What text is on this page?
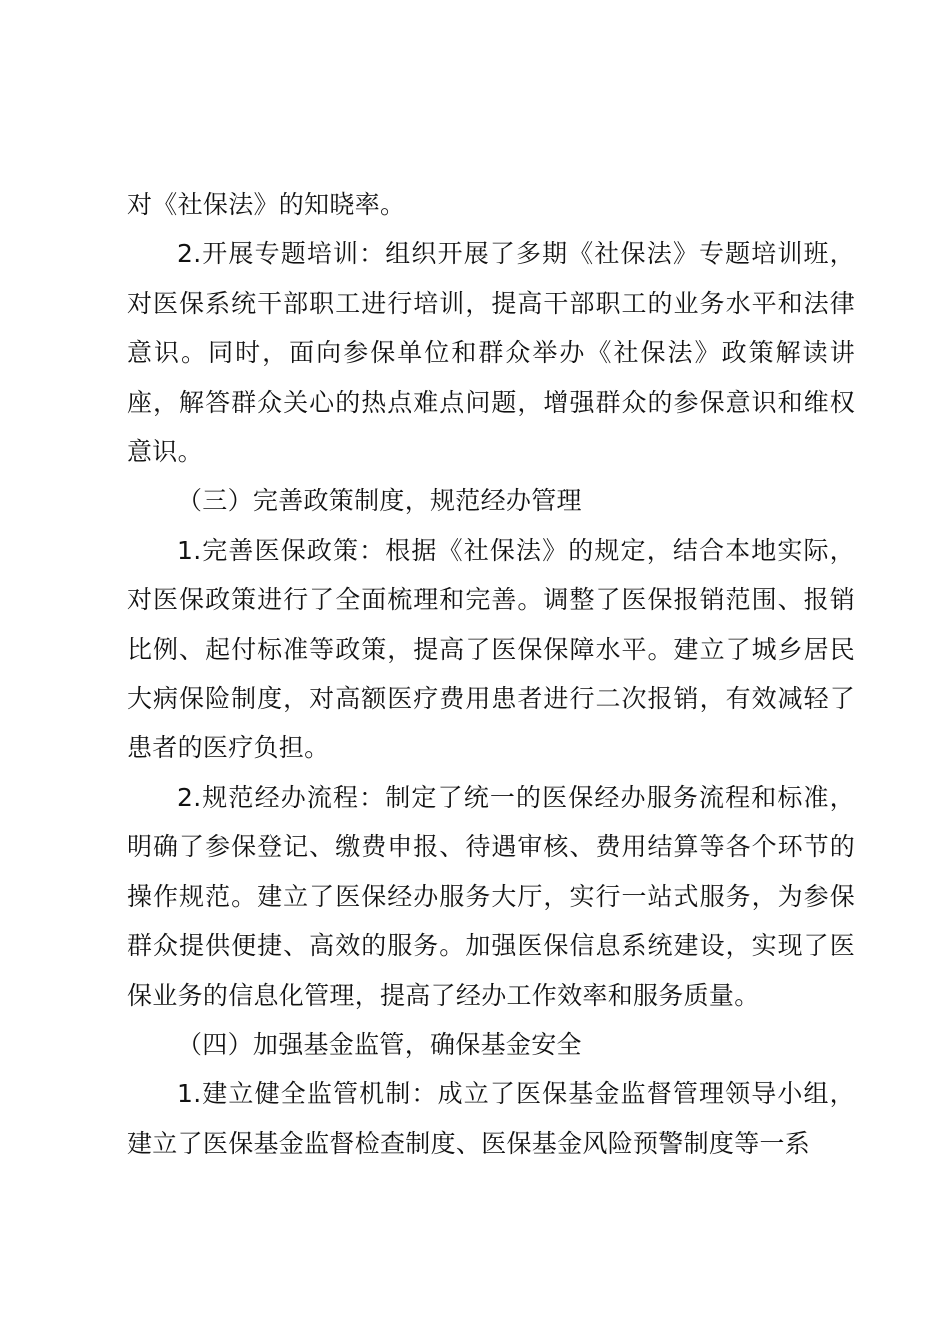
对《社保法》的知晓率。

2.开展专题培训：组织开展了多期《社保法》专题培训班，对医保系统干部职工进行培训，提高干部职工的业务水平和法律意识。同时，面向参保单位和群众举办《社保法》政策解读讲座，解答群众关心的热点难点问题，增强群众的参保意识和维权意识。

（三）完善政策制度，规范经办管理

1.完善医保政策：根据《社保法》的规定，结合本地实际，对医保政策进行了全面梳理和完善。调整了医保报销范围、报销比例、起付标准等政策，提高了医保保障水平。建立了城乡居民大病保险制度，对高额医疗费用患者进行二次报销，有效减轻了患者的医疗负担。

2.规范经办流程：制定了统一的医保经办服务流程和标准，明确了参保登记、缴费申报、待遇审核、费用结算等各个环节的操作规范。建立了医保经办服务大厅，实行一站式服务，为参保群众提供便捷、高效的服务。加强医保信息系统建设，实现了医保业务的信息化管理，提高了经办工作效率和服务质量。

（四）加强基金监管，确保基金安全

1.建立健全监管机制：成立了医保基金监督管理领导小组，建立了医保基金监督检查制度、医保基金风险预警制度等一系
